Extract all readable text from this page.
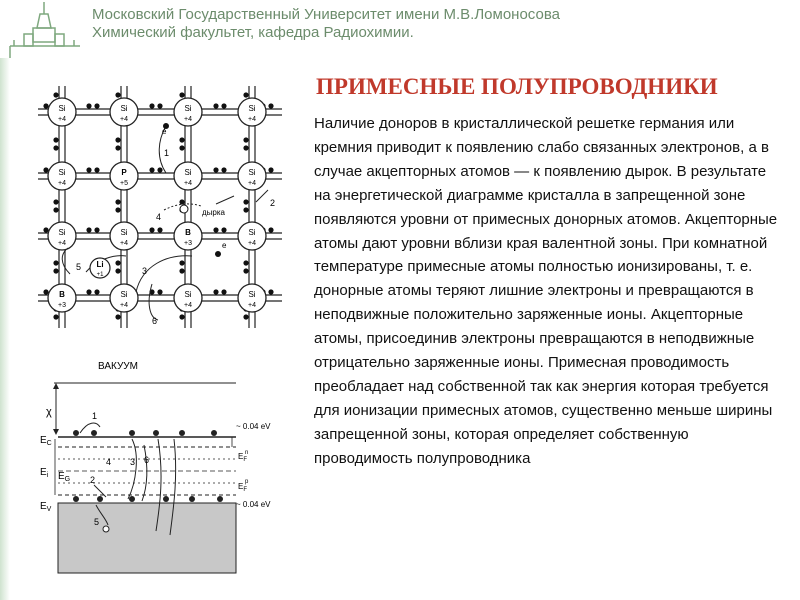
Московский Государственный Университет имени М.В.Ломоносова
Химический факультет, кафедра Радиохимии.
ПРИМЕСНЫЕ ПОЛУПРОВОДНИКИ
Наличие доноров в кристаллической решетке германия или кремния приводит к появлению слабо связанных электронов, а в случае акцепторных атомов — к появлению дырок. В результате на энергетической диаграмме кристалла в запрещенной зоне появляются уровни от примесных донорных атомов. Акцепторные атомы дают уровни вблизи края валентной зоны. При комнатной температуре примесные атомы полностью ионизированы, т. е. донорные атомы теряют лишние электроны и превращаются в неподвижные положительно заряженные ионы. Акцепторные атомы, присоединив электроны превращаются в неподвижные отрицательно заряженные ионы. Примесная проводимость преобладает над собственной так как энергия которая требуется для ионизации примесных атомов, существенно меньше ширины запрещенной зоны, которая определяет собственную проводимость полупроводника
Si
+4
Si
+4
Si
+4
Si
+4
Si
+4
P
+5
Si
+4
Si
+4
Si
+4
Si
+4
B
+3
Si
+4
B
+3
Si
+4
Si
+4
Si
+4
e
e
дырка
1
2
3
4
5
6
Li
+1
ВАКУУМ
χ
$E_C$
$E_F$
n
$E_i$ $E_G$
$E_F$
p
$E_V$
~ 0.04 eV
~ 0.04 eV
1
2
3
4
5
6
